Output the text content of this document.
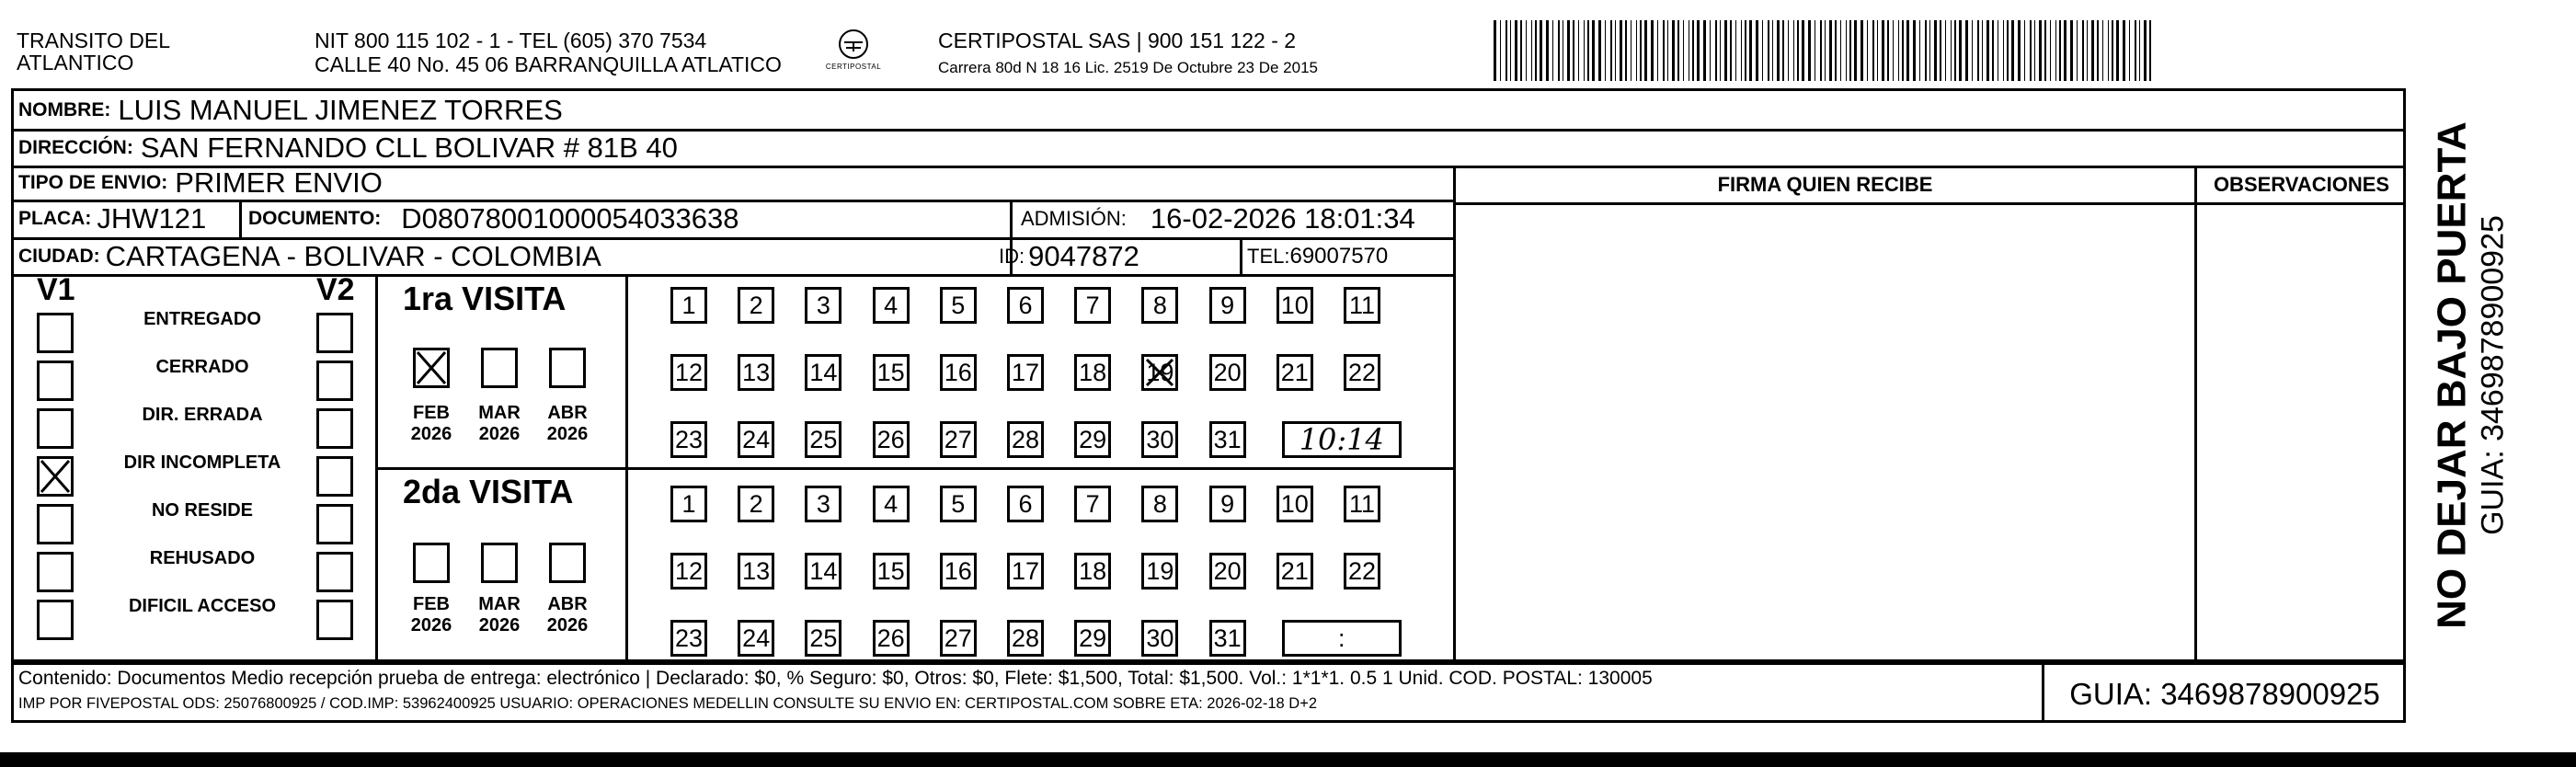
TRANSITO DEL
ATLANTICO
NIT 800 115 102 - 1 - TEL (605) 370 7534
CALLE 40 No. 45 06 BARRANQUILLA ATLATICO	CERTIPOSTAL
CERTIPOSTAL SAS | 900 151 122 - 2
Carrera 80d N 18 16 Lic. 2519 De Octubre 23 De 2015
NO DEJAR BAJO PUERTA GUIA: 3469878900925
NOMBRE: LUIS MANUEL JIMENEZ TORRES
DIRECCIÓN: SAN FERNANDO CLL BOLIVAR # 81B 40
TIPO DE ENVIO: PRIMER ENVIO	FIRMA QUIEN RECIBE	OBSERVACIONES
PLACA: JHW121 DOCUMENTO: D08078001000054033638	ADMISIÓN: 16-02-2026 18:01:34
CIUDAD: CARTAGENA - BOLIVAR - COLOMBIA	ID: 9047872	TEL: 69007570
V1	V2
ENTREGADO
CERRADO
DIR. ERRADA
DIR INCOMPLETA
NO RESIDE
REHUSADO
DIFICIL ACCESO
1ra VISITA
2da VISITA
FEB
2026
MAR
2026
ABR
2026
FEB
2026
MAR
2026
ABR
2026
1 2 3 4 5 6 7 8 9 10 11
12 13 14 15 16 17 18 19 20 21 22
23 24 25 26 27 28 29 30 31 10:14
1 2 3 4 5 6 7 8 9 10 11
12 13 14 15 16 17 18 19 20 21 22
23 24 25 26 27 28 29 30 31	:
Contenido: Documentos Medio recepción prueba de entrega: electrónico | Declarado: $0, % Seguro: $0, Otros: $0, Flete: $1,500, Total: $1,500. Vol.: 1*1*1. 0.5 1 Unid. COD. POSTAL: 130005
IMP POR FIVEPOSTAL ODS: 25076800925 / COD.IMP: 53962400925 USUARIO: OPERACIONES MEDELLIN CONSULTE SU ENVIO EN: CERTIPOSTAL.COM SOBRE ETA: 2026-02-18 D+2	GUIA: 3469878900925
